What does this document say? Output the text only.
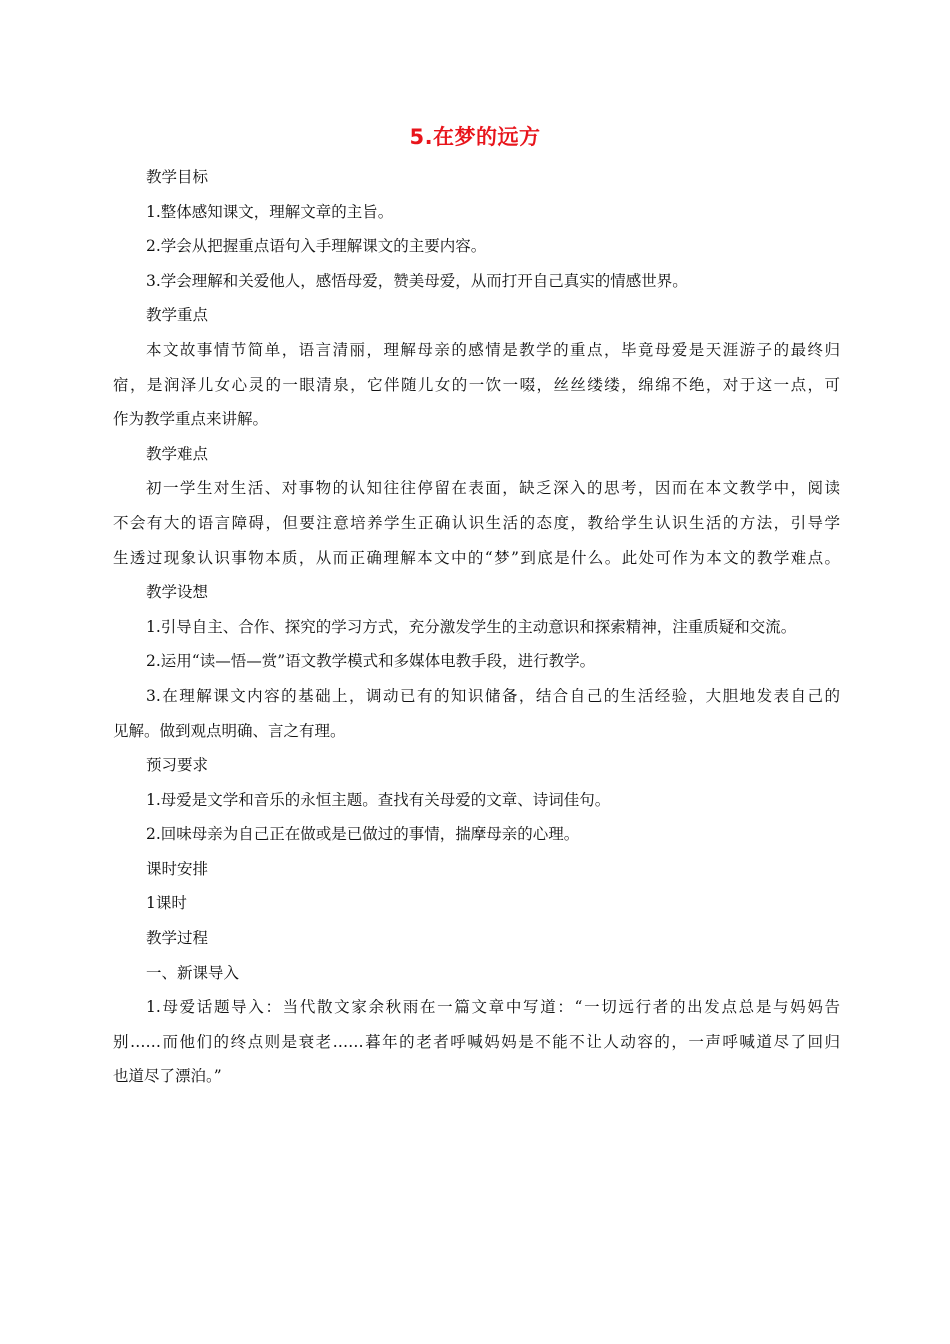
5.在梦的远方
教学目标
1.整体感知课文，理解文章的主旨。
2.学会从把握重点语句入手理解课文的主要内容。
3.学会理解和关爱他人，感悟母爱，赞美母爱，从而打开自己真实的情感世界。
教学重点
本文故事情节简单，语言清丽，理解母亲的感情是教学的重点，毕竟母爱是天涯游子的最终归
宿，是润泽儿女心灵的一眼清泉，它伴随儿女的一饮一啜，丝丝缕缕，绵绵不绝，对于这一点，可
作为教学重点来讲解。
教学难点
初一学生对生活、对事物的认知往往停留在表面，缺乏深入的思考，因而在本文教学中，阅读
不会有大的语言障碍，但要注意培养学生正确认识生活的态度，教给学生认识生活的方法，引导学
生透过现象认识事物本质，从而正确理解本文中的“梦”到底是什么。此处可作为本文的教学难点。
教学设想
1.引导自主、合作、探究的学习方式，充分激发学生的主动意识和探索精神，注重质疑和交流。
2.运用“读—悟—赏”语文教学模式和多媒体电教手段，进行教学。
3.在理解课文内容的基础上，调动已有的知识储备，结合自己的生活经验，大胆地发表自己的
见解。做到观点明确、言之有理。
预习要求
1.母爱是文学和音乐的永恒主题。查找有关母爱的文章、诗词佳句。
2.回味母亲为自己正在做或是已做过的事情，揣摩母亲的心理。
课时安排
1课时
教学过程
一、新课导入
1.母爱话题导入：当代散文家余秋雨在一篇文章中写道：“一切远行者的出发点总是与妈妈告
别……而他们的终点则是衰老……暮年的老者呼喊妈妈是不能不让人动容的，一声呼喊道尽了回归
也道尽了漂泊。”
